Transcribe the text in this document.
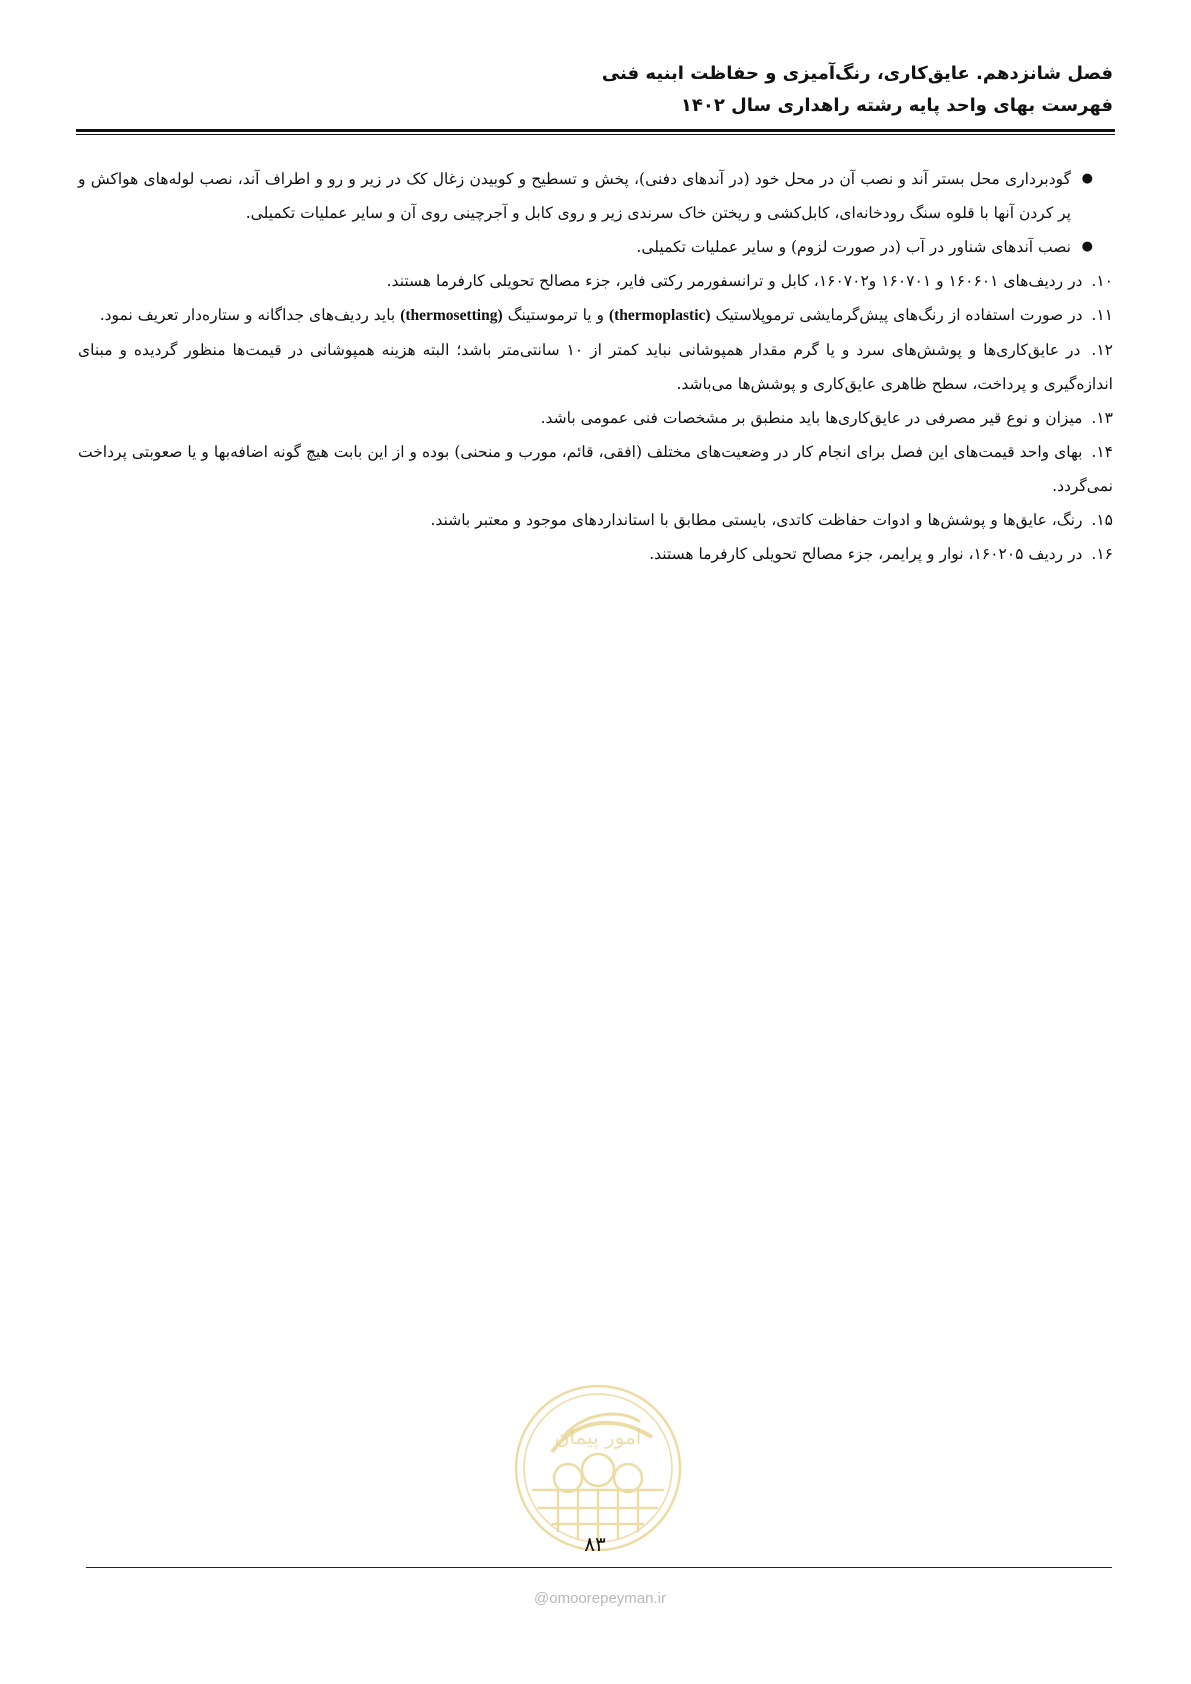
فصل شانزدهم. عایق‌کاری، رنگ‌آمیزی و حفاظت ابنیه فنی
فهرست بهای واحد پایه رشته راهداری سال ۱۴۰۲

●
گودبرداری محل بستر آند و نصب آن در محل خود (در آندهای دفنی)، پخش و تسطیح و کوبیدن زغال کک در زیر و رو و اطراف آند، نصب لوله‌های هواکش و پر کردن آنها با قلوه سنگ رودخانه‌ای، کابل‌کشی و ریختن خاک سرندی زیر و روی کابل و آجرچینی روی آن و سایر عملیات تکمیلی.

●
نصب آندهای شناور در آب (در صورت لزوم) و سایر عملیات تکمیلی.

۱۰. در ردیف‌های ۱۶۰۶۰۱ و ۱۶۰۷۰۱ و۱۶۰۷۰۲، کابل و ترانسفورمر رکتی فایر، جزء مصالح تحویلی کارفرما هستند.

۱۱. در صورت استفاده از رنگ‌های پیش‌گرمایشی ترموپلاستیک (thermoplastic) و یا ترموستینگ (thermosetting) باید ردیف‌های جداگانه و ستاره‌دار تعریف نمود.

۱۲. در عایق‌کاری‌ها و پوشش‌های سرد و یا گرم مقدار همپوشانی نباید کمتر از ۱۰ سانتی‌متر باشد؛ البته هزینه همپوشانی در قیمت‌ها منظور گردیده و مبنای اندازه‌گیری و پرداخت، سطح ظاهری عایق‌کاری و پوشش‌ها می‌باشد.

۱۳. میزان و نوع قیر مصرفی در عایق‌کاری‌ها باید منطبق بر مشخصات فنی عمومی باشد.

۱۴. بهای واحد قیمت‌های این فصل برای انجام کار در وضعیت‌های مختلف (افقی، قائم، مورب و منحنی) بوده و از این بابت هیچ گونه اضافه‌بها و یا صعوبتی پرداخت نمی‌گردد.

۱۵. رنگ، عایق‌ها و پوشش‌ها و ادوات حفاظت کاتدی، بایستی مطابق با استانداردهای موجود و معتبر باشند.

۱۶. در ردیف ۱۶۰۲۰۵، نوار و پرایمر، جزء مصالح تحویلی کارفرما هستند.

امور پیمان
۸۳
@omoorepeyman.ir
